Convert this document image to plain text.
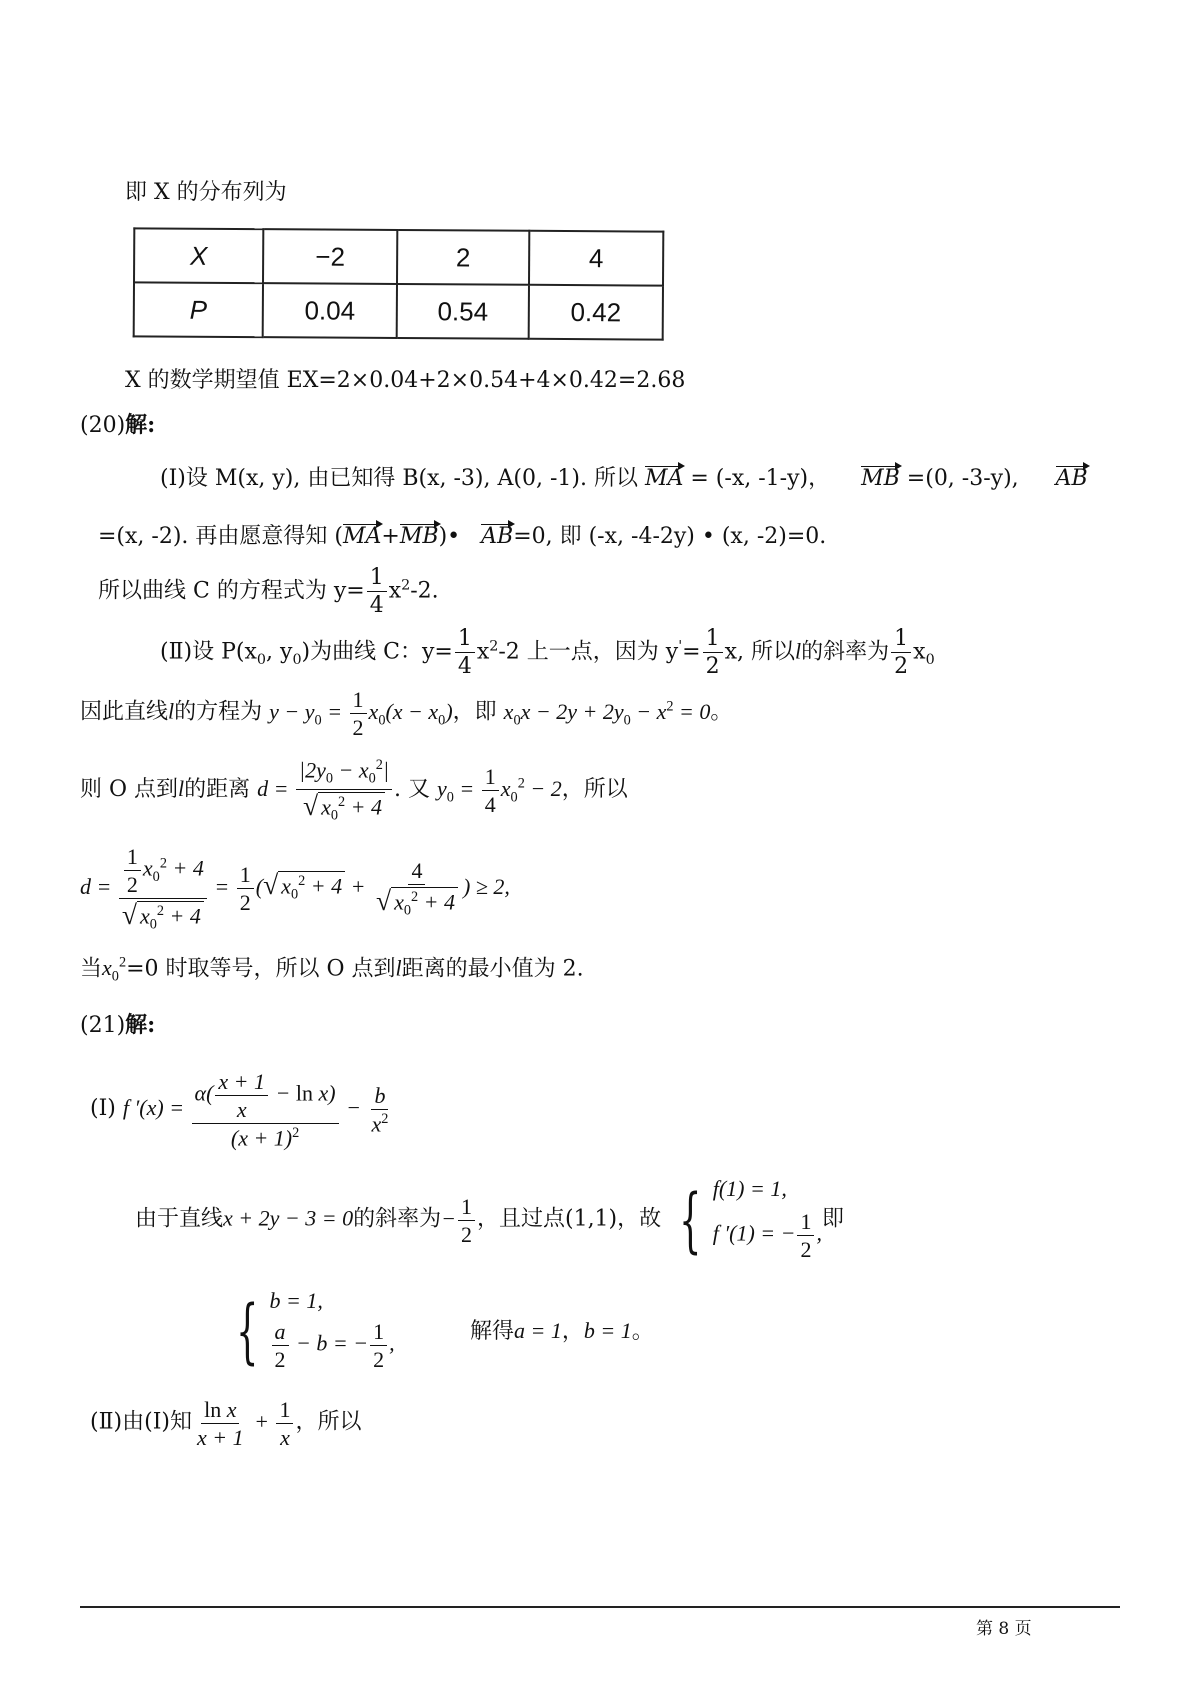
即 X 的分布列为
X	−2	2	4
P	0.04	0.54	0.42
X 的数学期望值 EX=2×0.04+2×0.54+4×0.42=2.68
(20)解:
(Ⅰ)设 M(x, y), 由已知得 B(x, -3), A(0, -1). 所以 MA = (-x, -1-y)， MB =(0, -3-y), AB
=(x, -2). 再由愿意得知 (MA+MB)• AB=0, 即 (-x, -4-2y) • (x, -2)=0.
所以曲线 C 的方程式为 $y= \frac{1}{4} x^2-2$.
(Ⅱ)设 $P(x_0$, $y_0$)为曲线 C：$y= \frac{1}{4} x^2-2$ 上一点，因为 $y'= \frac{1}{2} x$, 所以l的斜率为 $\frac{1}{2} x_0$
因此直线l的方程为 $y - y_0 = \frac{1}{2} x_0(x - x_0)$，即 $x_0x - 2y + 2y_0 - x^2 = 0$。
则 O 点到l的距离 $d = \frac{|2y_0 - x_0^2|}{√ x_0^2 + 4}$ . 又 $y_0 = \frac{1}{4} x_0^2 - 2$，所以
$d = \frac{\frac{1}{2} x_0^2 + 4}{√ x_0^2 + 4} = \frac{1}{2}$ ( √ $x_0^2 + 4 + \frac{4}{√ x_0^2 + 4}$ ) ≥ 2,
当$x_0^2=0$ 时取等号，所以 O 点到l距离的最小值为 2.
(21)解:
(Ⅰ) f $'(x) = \frac{\alpha( \frac{x + 1}{x} - \ln x)}{(x + 1)^2} - \frac{b}{x^2}$
由于直线x + 2y − 3 = 0的斜率为− $\frac{1}{2}$ ，且过点(1,1)，故 { f(1) = 1,
f ′(1) = − $\frac{1}{2}$ ,
即
{ b = 1,
$\frac{a}{2} - b$ = − $\frac{1}{2}$ ,	解得a = 1，b = 1。
(Ⅱ)由(Ⅰ)知 $\frac{\text{ln x}}{x + 1} + \frac{1}{x}$ ，所以
第 8 页
